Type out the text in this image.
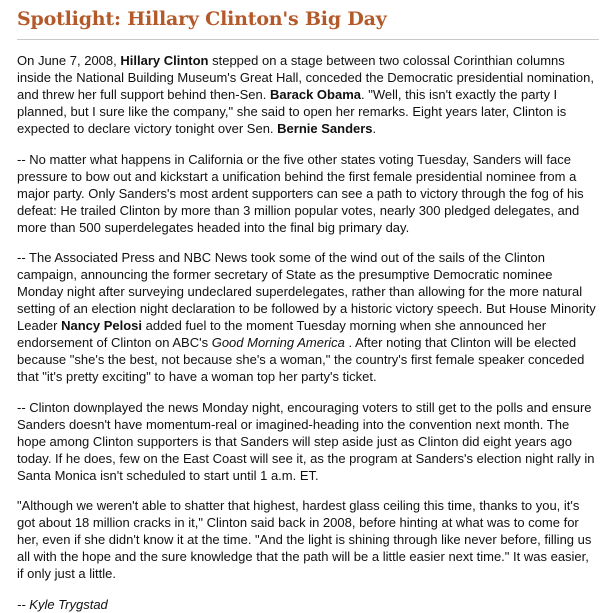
Spotlight: Hillary Clinton's Big Day

On June 7, 2008, Hillary Clinton stepped on a stage between two colossal Corinthian columns inside the National Building Museum's Great Hall, conceded the Democratic presidential nomination, and threw her full support behind then-Sen. Barack Obama. "Well, this isn't exactly the party I planned, but I sure like the company," she said to open her remarks. Eight years later, Clinton is expected to declare victory tonight over Sen. Bernie Sanders.

-- No matter what happens in California or the five other states voting Tuesday, Sanders will face pressure to bow out and kickstart a unification behind the first female presidential nominee from a major party. Only Sanders's most ardent supporters can see a path to victory through the fog of his defeat: He trailed Clinton by more than 3 million popular votes, nearly 300 pledged delegates, and more than 500 superdelegates headed into the final big primary day.

-- The Associated Press and NBC News took some of the wind out of the sails of the Clinton campaign, announcing the former secretary of State as the presumptive Democratic nominee Monday night after surveying undeclared superdelegates, rather than allowing for the more natural setting of an election night declaration to be followed by a historic victory speech. But House Minority Leader Nancy Pelosi added fuel to the moment Tuesday morning when she announced her endorsement of Clinton on ABC's Good Morning America . After noting that Clinton will be elected because "she's the best, not because she's a woman," the country's first female speaker conceded that "it's pretty exciting" to have a woman top her party's ticket.

-- Clinton downplayed the news Monday night, encouraging voters to still get to the polls and ensure Sanders doesn't have momentum-real or imagined-heading into the convention next month. The hope among Clinton supporters is that Sanders will step aside just as Clinton did eight years ago today. If he does, few on the East Coast will see it, as the program at Sanders's election night rally in Santa Monica isn't scheduled to start until 1 a.m. ET.

"Although we weren't able to shatter that highest, hardest glass ceiling this time, thanks to you, it's got about 18 million cracks in it," Clinton said back in 2008, before hinting at what was to come for her, even if she didn't know it at the time. "And the light is shining through like never before, filling us all with the hope and the sure knowledge that the path will be a little easier next time." It was easier, if only just a little.

-- Kyle Trygstad
